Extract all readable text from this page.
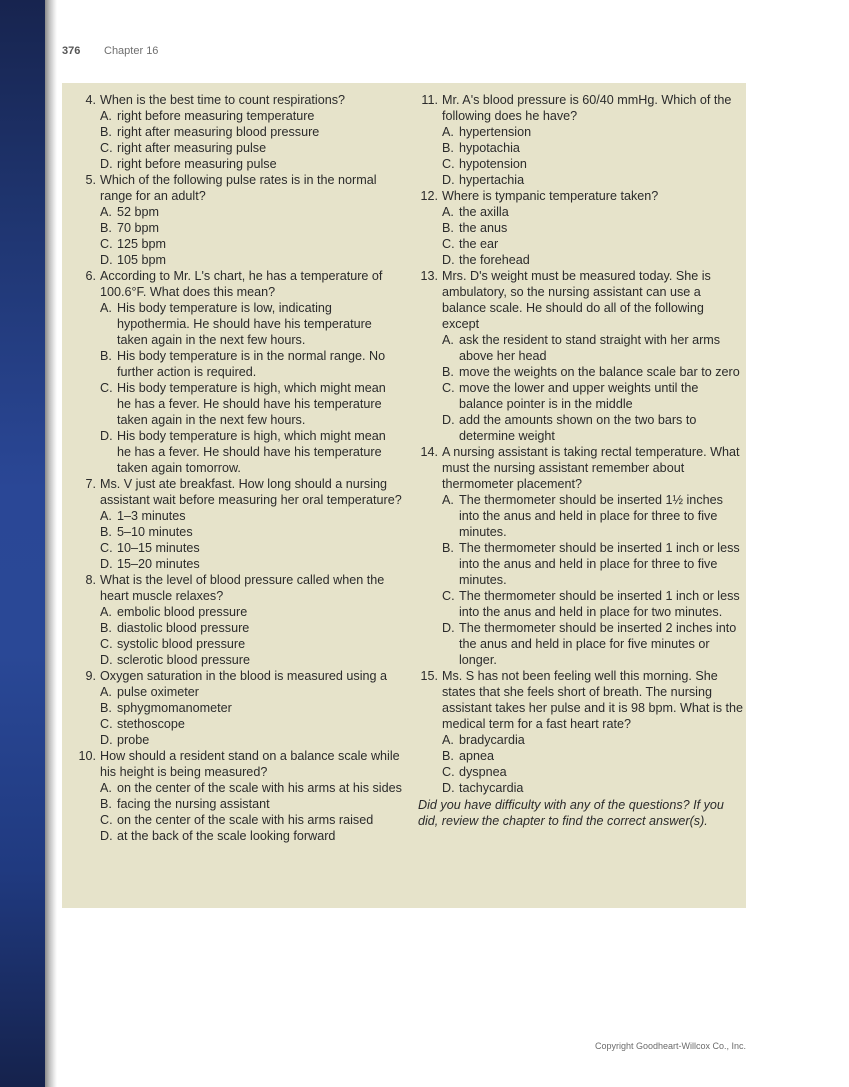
376 Chapter 16
4. When is the best time to count respirations?
A. right before measuring temperature
B. right after measuring blood pressure
C. right after measuring pulse
D. right before measuring pulse
5. Which of the following pulse rates is in the normal range for an adult?
A. 52 bpm
B. 70 bpm
C. 125 bpm
D. 105 bpm
6. According to Mr. L's chart, he has a temperature of 100.6°F. What does this mean?
A. His body temperature is low, indicating hypothermia. He should have his temperature taken again in the next few hours.
B. His body temperature is in the normal range. No further action is required.
C. His body temperature is high, which might mean he has a fever. He should have his temperature taken again in the next few hours.
D. His body temperature is high, which might mean he has a fever. He should have his temperature taken again tomorrow.
7. Ms. V just ate breakfast. How long should a nursing assistant wait before measuring her oral temperature?
A. 1–3 minutes
B. 5–10 minutes
C. 10–15 minutes
D. 15–20 minutes
8. What is the level of blood pressure called when the heart muscle relaxes?
A. embolic blood pressure
B. diastolic blood pressure
C. systolic blood pressure
D. sclerotic blood pressure
9. Oxygen saturation in the blood is measured using a
A. pulse oximeter
B. sphygmomanometer
C. stethoscope
D. probe
10. How should a resident stand on a balance scale while his height is being measured?
A. on the center of the scale with his arms at his sides
B. facing the nursing assistant
C. on the center of the scale with his arms raised
D. at the back of the scale looking forward
11. Mr. A's blood pressure is 60/40 mmHg. Which of the following does he have?
A. hypertension
B. hypotachia
C. hypotension
D. hypertachia
12. Where is tympanic temperature taken?
A. the axilla
B. the anus
C. the ear
D. the forehead
13. Mrs. D's weight must be measured today. She is ambulatory, so the nursing assistant can use a balance scale. He should do all of the following except
A. ask the resident to stand straight with her arms above her head
B. move the weights on the balance scale bar to zero
C. move the lower and upper weights until the balance pointer is in the middle
D. add the amounts shown on the two bars to determine weight
14. A nursing assistant is taking rectal temperature. What must the nursing assistant remember about thermometer placement?
A. The thermometer should be inserted 1½ inches into the anus and held in place for three to five minutes.
B. The thermometer should be inserted 1 inch or less into the anus and held in place for three to five minutes.
C. The thermometer should be inserted 1 inch or less into the anus and held in place for two minutes.
D. The thermometer should be inserted 2 inches into the anus and held in place for five minutes or longer.
15. Ms. S has not been feeling well this morning. She states that she feels short of breath. The nursing assistant takes her pulse and it is 98 bpm. What is the medical term for a fast heart rate?
A. bradycardia
B. apnea
C. dyspnea
D. tachycardia
Did you have difficulty with any of the questions? If you did, review the chapter to find the correct answer(s).
Copyright Goodheart-Willcox Co., Inc.
